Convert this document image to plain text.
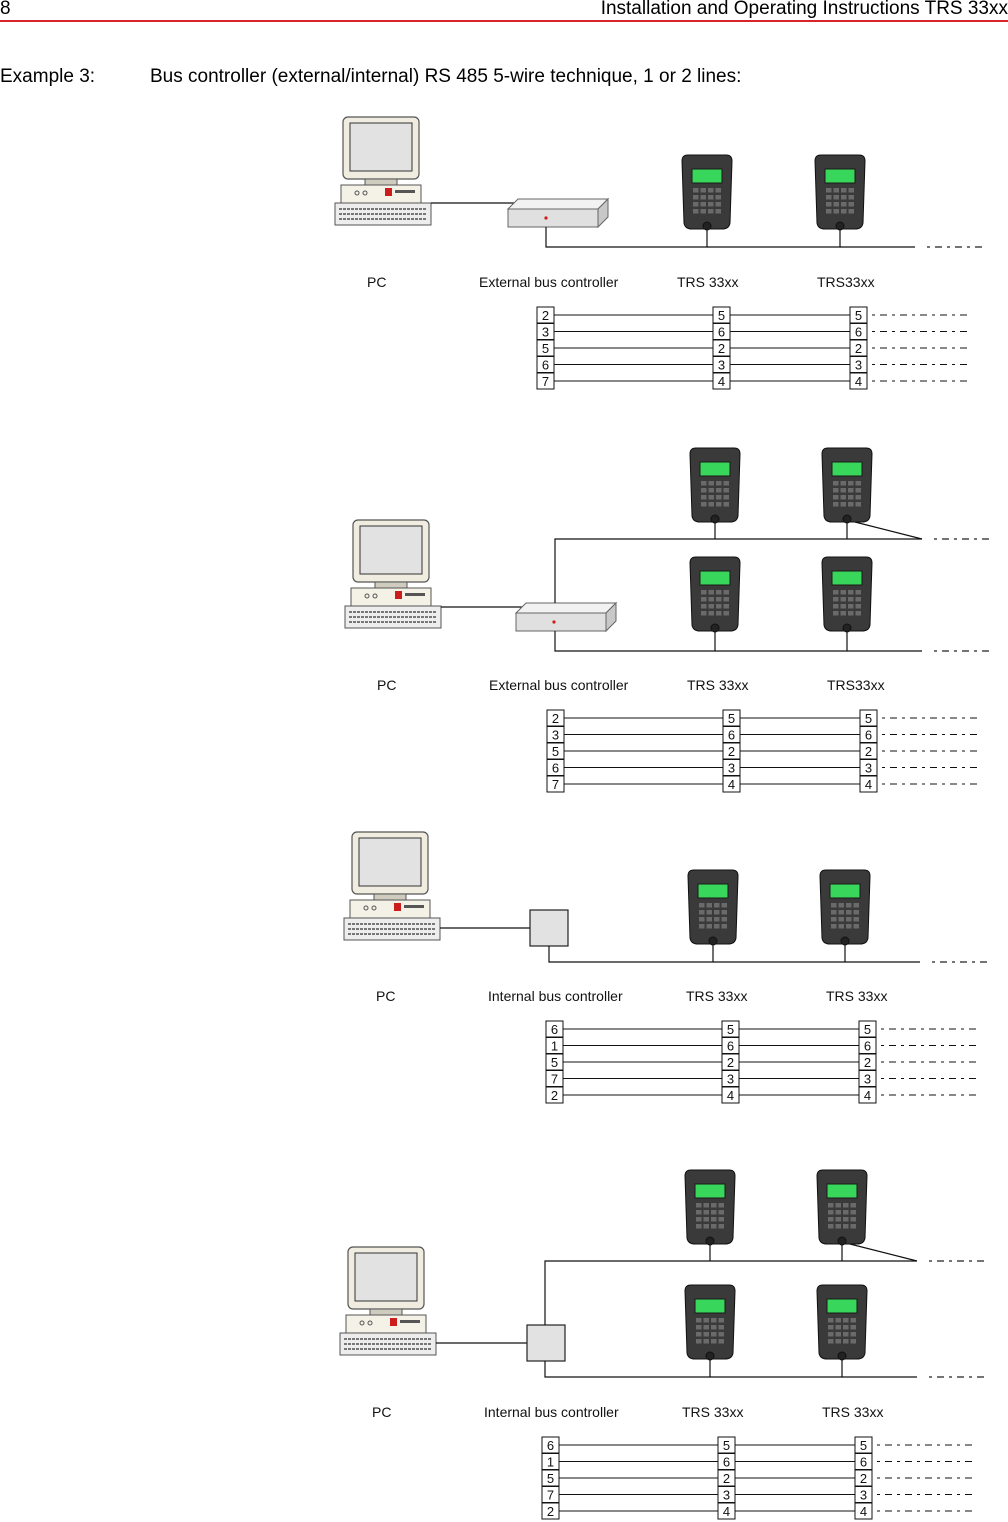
8	Installation and Operating Instructions TRS 33xx
Example 3:	Bus controller (external/internal) RS 485 5-wire technique, 1 or 2 lines:
PC	External bus controller	TRS 33xx	TRS33xx
2	5	5
3	6	6
5	2	2
6	3	3
7	4	4
PC	External bus controller	TRS 33xx	TRS33xx
2	5	5
3	6	6
5	2	2
6	3	3
7	4	4
PC	Internal bus controller	TRS 33xx	TRS 33xx
6	5	5
1	6	6
5	2	2
7	3	3
2	4	4
PC	Internal bus controller	TRS 33xx	TRS 33xx
6	5	5
1	6	6
5	2	2
7	3	3
2	4	4
